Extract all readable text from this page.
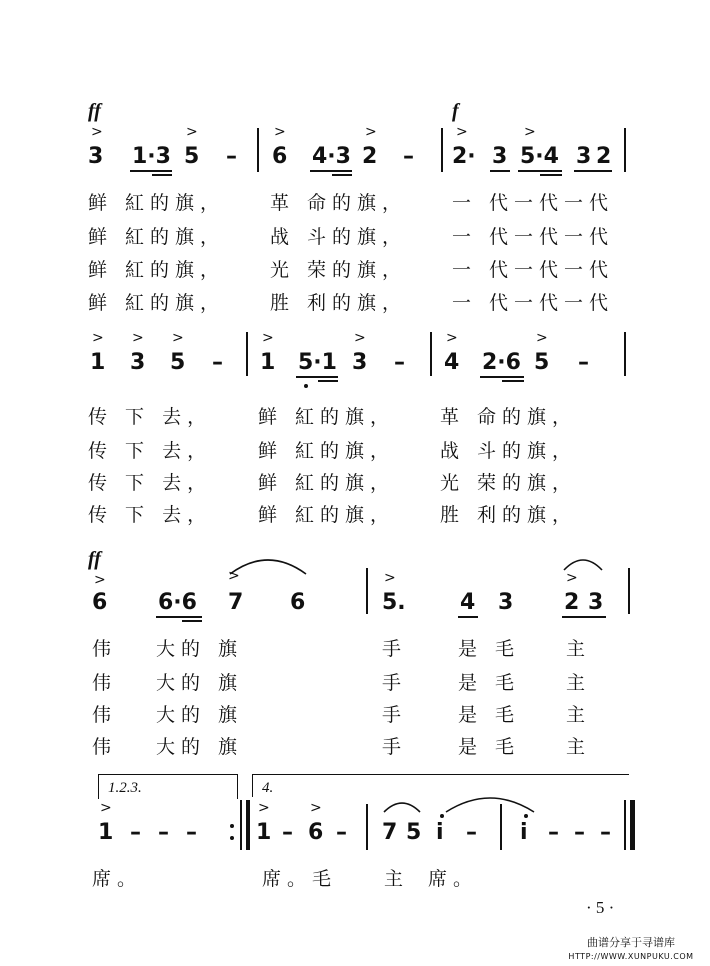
ff	f
>	>	>	>	>	>
3 1·3 5 – 6 4·3 2 – 2· 3 5·4 3 2
鲜 紅的旗， 革 命的旗， 一 代一代一代
鲜 紅的旗， 战 斗的旗， 一 代一代一代
鲜 紅的旗， 光 荣的旗， 一 代一代一代
鲜 紅的旗， 胜 利的旗， 一 代一代一代
> > >	>	>	>	>
1 3 5 – 1 5·1 3 – 4 2·6 5 –
传 下 去， 鲜 紅的旗， 革 命的旗，
传 下 去， 鲜 紅的旗， 战 斗的旗，
传 下 去， 鲜 紅的旗， 光 荣的旗，
传 下 去， 鲜 紅的旗， 胜 利的旗，
ff
>	>	>	>
6 6·6 7 6	5. 4 3 2 3
伟 大的 旗	手	是 毛 主
伟 大的 旗	手	是 毛 主
伟 大的 旗	手	是 毛 主
伟 大的 旗	手	是 毛 主
1.2.3.	4.
>	>	>
1 – – –	1 – 6 – 7 5 i – i – – –
席。	席。毛 主 席。
· 5 ·
曲谱分享于寻谱库
HTTP://WWW.XUNPUKU.COM
